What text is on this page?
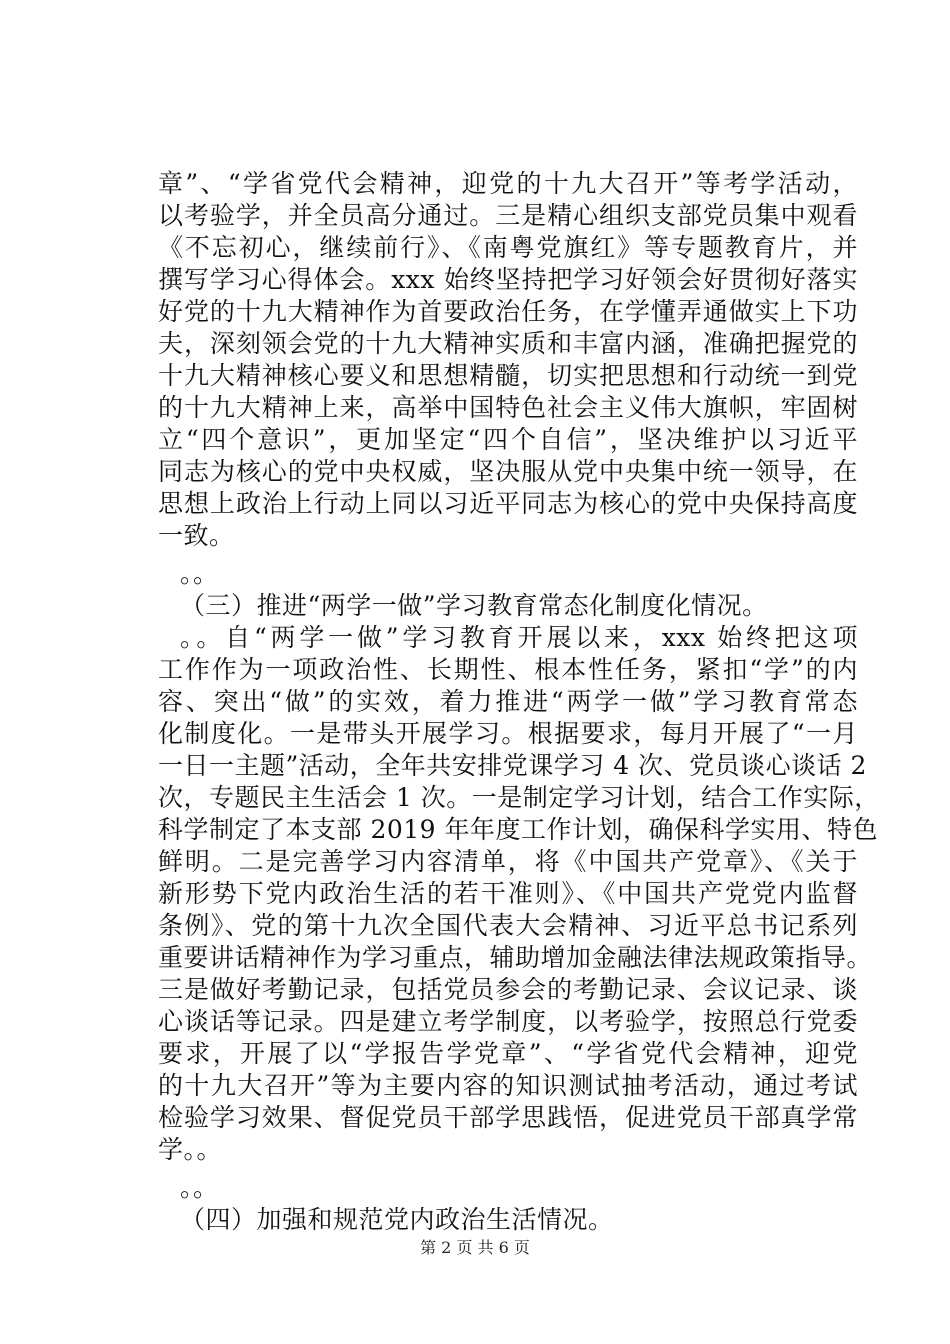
章”、“学省党代会精神，迎党的十九大召开”等考学活动，
以考验学，并全员高分通过。三是精心组织支部党员集中观看
《不忘初心，继续前行》、《南粤党旗红》等专题教育片，并
撰写学习心得体会。xxx 始终坚持把学习好领会好贯彻好落实
好党的十九大精神作为首要政治任务，在学懂弄通做实上下功
夫，深刻领会党的十九大精神实质和丰富内涵，准确把握党的
十九大精神核心要义和思想精髓，切实把思想和行动统一到党
的十九大精神上来，高举中国特色社会主义伟大旗帜，牢固树
立“四个意识”，更加坚定“四个自信”，坚决维护以习近平
同志为核心的党中央权威，坚决服从党中央集中统一领导，在
思想上政治上行动上同以习近平同志为核心的党中央保持高度
一致。
。。
（三）推进“两学一做”学习教育常态化制度化情况。
。。自“两学一做”学习教育开展以来，xxx 始终把这项
工作作为一项政治性、长期性、根本性任务，紧扣“学”的内
容、突出“做”的实效，着力推进“两学一做”学习教育常态
化制度化。一是带头开展学习。根据要求，每月开展了“一月
一日一主题”活动，全年共安排党课学习 4 次、党员谈心谈话 2
次，专题民主生活会 1 次。一是制定学习计划，结合工作实际，
科学制定了本支部 2019 年年度工作计划，确保科学实用、特色
鲜明。二是完善学习内容清单，将《中国共产党章》、《关于
新形势下党内政治生活的若干准则》、《中国共产党党内监督
条例》、党的第十九次全国代表大会精神、习近平总书记系列
重要讲话精神作为学习重点，辅助增加金融法律法规政策指导。
三是做好考勤记录，包括党员参会的考勤记录、会议记录、谈
心谈话等记录。四是建立考学制度，以考验学，按照总行党委
要求，开展了以“学报告学党章”、“学省党代会精神，迎党
的十九大召开”等为主要内容的知识测试抽考活动，通过考试
检验学习效果、督促党员干部学思践悟，促进党员干部真学常
学。。
。。
（四）加强和规范党内政治生活情况。
第 2 页 共 6 页
